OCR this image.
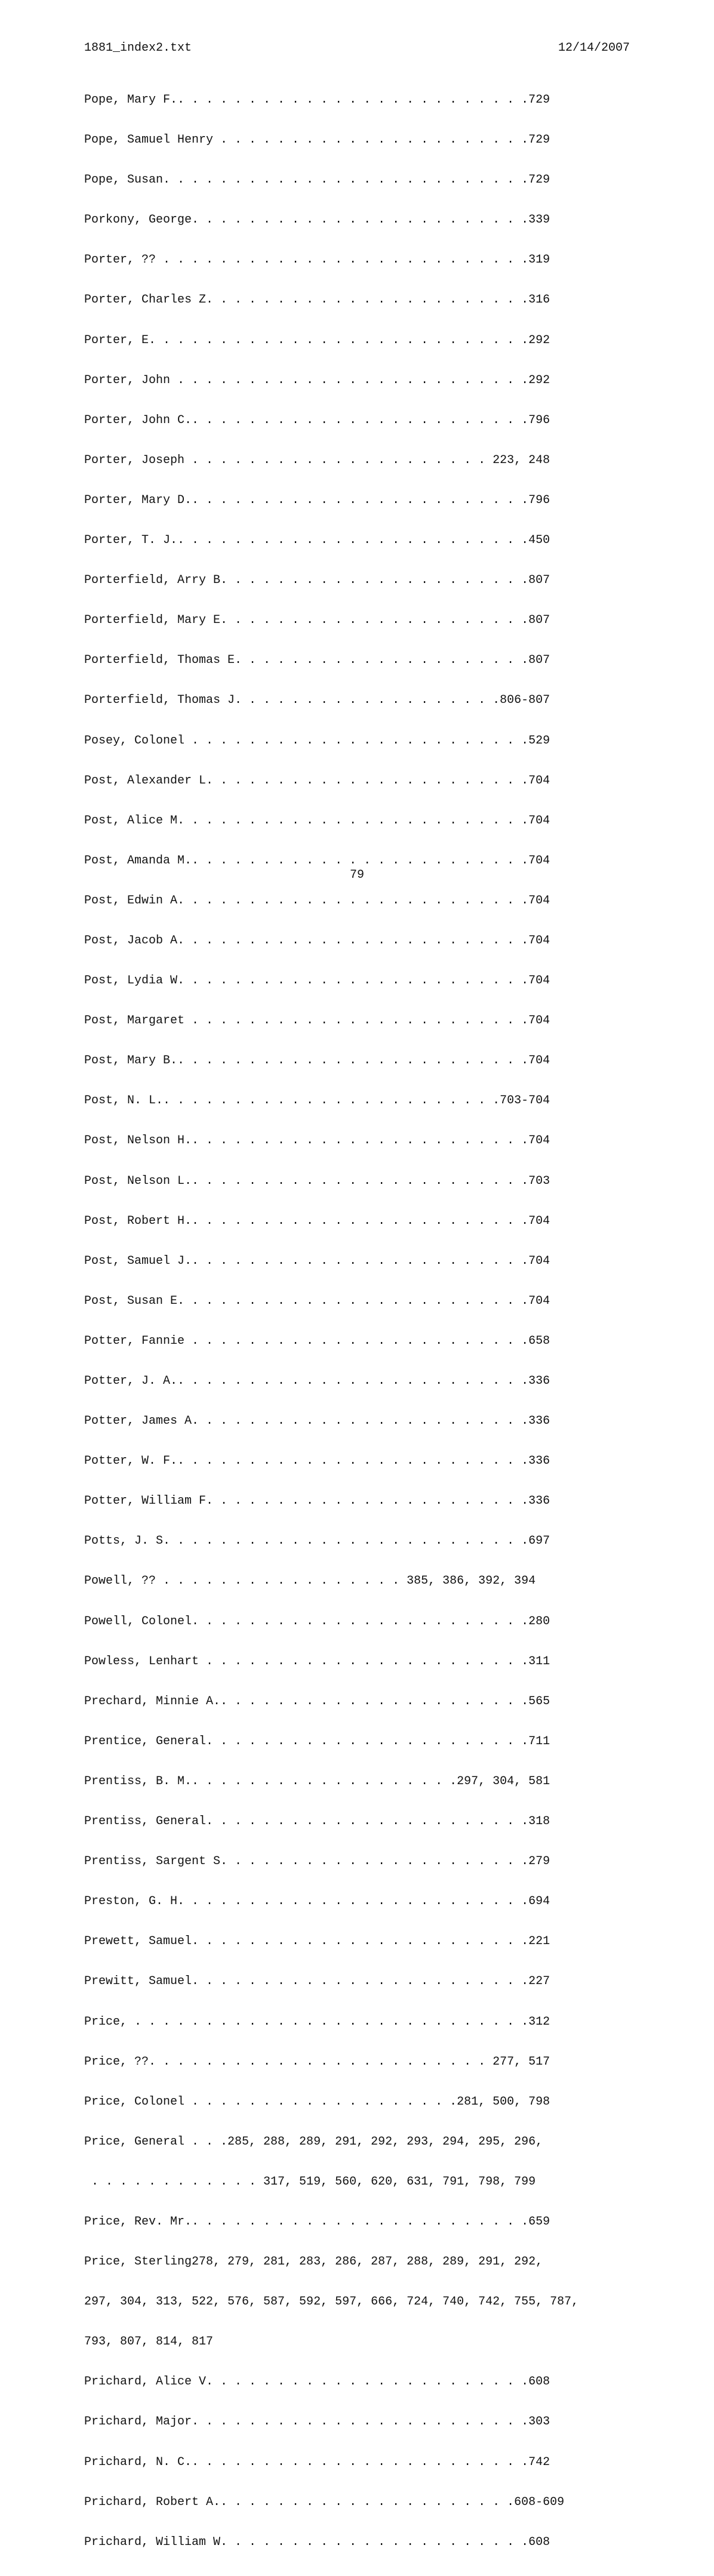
1881_index2.txt	12/14/2007

Pope, Mary F.. . . . . . . . . . . . . . . . . . . . . . . . .729

Pope, Samuel Henry . . . . . . . . . . . . . . . . . . . . . .729

Pope, Susan. . . . . . . . . . . . . . . . . . . . . . . . . .729

Porkony, George. . . . . . . . . . . . . . . . . . . . . . . .339

Porter, ?? . . . . . . . . . . . . . . . . . . . . . . . . . .319

Porter, Charles Z. . . . . . . . . . . . . . . . . . . . . . .316

Porter, E. . . . . . . . . . . . . . . . . . . . . . . . . . .292

Porter, John . . . . . . . . . . . . . . . . . . . . . . . . .292

Porter, John C.. . . . . . . . . . . . . . . . . . . . . . . .796

Porter, Joseph . . . . . . . . . . . . . . . . . . . . . 223, 248

Porter, Mary D.. . . . . . . . . . . . . . . . . . . . . . . .796

Porter, T. J.. . . . . . . . . . . . . . . . . . . . . . . . .450

Porterfield, Arry B. . . . . . . . . . . . . . . . . . . . . .807

Porterfield, Mary E. . . . . . . . . . . . . . . . . . . . . .807

Porterfield, Thomas E. . . . . . . . . . . . . . . . . . . . .807

Porterfield, Thomas J. . . . . . . . . . . . . . . . . . .806-807

Posey, Colonel . . . . . . . . . . . . . . . . . . . . . . . .529

Post, Alexander L. . . . . . . . . . . . . . . . . . . . . . .704

Post, Alice M. . . . . . . . . . . . . . . . . . . . . . . . .704

Post, Amanda M.. . . . . . . . . . . . . . . . . . . . . . . .704

Post, Edwin A. . . . . . . . . . . . . . . . . . . . . . . . .704

Post, Jacob A. . . . . . . . . . . . . . . . . . . . . . . . .704

Post, Lydia W. . . . . . . . . . . . . . . . . . . . . . . . .704

Post, Margaret . . . . . . . . . . . . . . . . . . . . . . . .704

Post, Mary B.. . . . . . . . . . . . . . . . . . . . . . . . .704

Post, N. L.. . . . . . . . . . . . . . . . . . . . . . . .703-704

Post, Nelson H.. . . . . . . . . . . . . . . . . . . . . . . .704

Post, Nelson L.. . . . . . . . . . . . . . . . . . . . . . . .703

Post, Robert H.. . . . . . . . . . . . . . . . . . . . . . . .704

Post, Samuel J.. . . . . . . . . . . . . . . . . . . . . . . .704

Post, Susan E. . . . . . . . . . . . . . . . . . . . . . . . .704

Potter, Fannie . . . . . . . . . . . . . . . . . . . . . . . .658

Potter, J. A.. . . . . . . . . . . . . . . . . . . . . . . . .336

Potter, James A. . . . . . . . . . . . . . . . . . . . . . . .336

Potter, W. F.. . . . . . . . . . . . . . . . . . . . . . . . .336

Potter, William F. . . . . . . . . . . . . . . . . . . . . . .336

Potts, J. S. . . . . . . . . . . . . . . . . . . . . . . . . .697

Powell, ?? . . . . . . . . . . . . . . . . . 385, 386, 392, 394

Powell, Colonel. . . . . . . . . . . . . . . . . . . . . . . .280

Powless, Lenhart . . . . . . . . . . . . . . . . . . . . . . .311

Prechard, Minnie A.. . . . . . . . . . . . . . . . . . . . . .565

Prentice, General. . . . . . . . . . . . . . . . . . . . . . .711

Prentiss, B. M.. . . . . . . . . . . . . . . . . . .297, 304, 581

Prentiss, General. . . . . . . . . . . . . . . . . . . . . . .318

Prentiss, Sargent S. . . . . . . . . . . . . . . . . . . . . .279

Preston, G. H. . . . . . . . . . . . . . . . . . . . . . . . .694

Prewett, Samuel. . . . . . . . . . . . . . . . . . . . . . . .221

Prewitt, Samuel. . . . . . . . . . . . . . . . . . . . . . . .227

Price, . . . . . . . . . . . . . . . . . . . . . . . . . . . .312

Price, ??. . . . . . . . . . . . . . . . . . . . . . . . 277, 517

Price, Colonel . . . . . . . . . . . . . . . . . . .281, 500, 798

Price, General . . .285, 288, 289, 291, 292, 293, 294, 295, 296,

. . . . . . . . . . . . 317, 519, 560, 620, 631, 791, 798, 799

Price, Rev. Mr.. . . . . . . . . . . . . . . . . . . . . . . .659

Price, Sterling278, 279, 281, 283, 286, 287, 288, 289, 291, 292,

297, 304, 313, 522, 576, 587, 592, 597, 666, 724, 740, 742, 755, 787,

793, 807, 814, 817

Prichard, Alice V. . . . . . . . . . . . . . . . . . . . . . .608

Prichard, Major. . . . . . . . . . . . . . . . . . . . . . . .303

Prichard, N. C.. . . . . . . . . . . . . . . . . . . . . . . .742

Prichard, Robert A.. . . . . . . . . . . . . . . . . . . . .608-609

Prichard, William W. . . . . . . . . . . . . . . . . . . . . .608

79
